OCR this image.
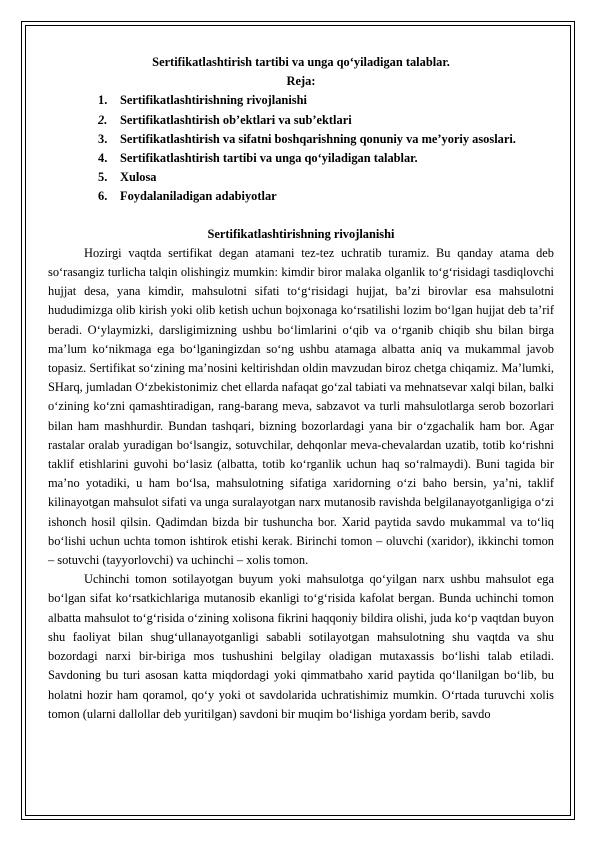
Sertifikatlashtirish tartibi va unga qo‘yiladigan talablar.
Reja:
1.	Sertifikatlashtirishning rivojlanishi
2.	Sertifikatlashtirish ob’ektlari va sub’ektlari
3.	Sertifikatlashtirish va sifatni boshqarishning qonuniy va me’yoriy asoslari.
4.	Sertifikatlashtirish tartibi va unga qo‘yiladigan talablar.
5.	Xulosa
6.	Foydalaniladigan adabiyotlar
Sertifikatlashtirishning rivojlanishi

Hozirgi vaqtda sertifikat degan atamani tez-tez uchratib turamiz. Bu qanday atama deb so‘rasangiz turlicha talqin olishingiz mumkin: kimdir biror malaka olganlik to‘g‘risidagi tasdiqlovchi hujjat desa, yana kimdir, mahsulotni sifati to‘g‘risidagi hujjat, ba’zi birovlar esa mahsulotni hududimizga olib kirish yoki olib ketish uchun bojxonaga ko‘rsatilishi lozim bo‘lgan hujjat deb ta’rif beradi. O‘ylaymizki, darsligimizning ushbu bo‘limlarini o‘qib va o‘rganib chiqib shu bilan birga ma’lum ko‘nikmaga ega bo‘lganingizdan so‘ng ushbu atamaga albatta aniq va mukammal javob topasiz. Sertifikat so‘zining ma’nosini keltirishdan oldin mavzudan biroz chetga chiqamiz. Ma’lumki, SHarq, jumladan O‘zbekistonimiz chet ellarda nafaqat go‘zal tabiati va mehnatsevar xalqi bilan, balki o‘zining ko‘zni qamashtiradigan, rang-barang meva, sabzavot va turli mahsulotlarga serob bozorlari bilan ham mashhurdir. Bundan tashqari, bizning bozorlardagi yana bir o‘zgachalik ham bor. Agar rastalar oralab yuradigan bo‘lsangiz, sotuvchilar, dehqonlar meva-chevalardan uzatib, totib ko‘rishni taklif etishlarini guvohi bo‘lasiz (albatta, totib ko‘rganlik uchun haq so‘ralmaydi). Buni tagida bir ma’no yotadiki, u ham bo‘lsa, mahsulotning sifatiga xaridorning o‘zi baho bersin, ya’ni, taklif kilinayotgan mahsulot sifati va unga suralayotgan narx mutanosib ravishda belgilanayotganligiga o‘zi ishonch hosil qilsin. Qadimdan bizda bir tushuncha bor. Xarid paytida savdo mukammal va to‘liq bo‘lishi uchun uchta tomon ishtirok etishi kerak. Birinchi tomon – oluvchi (xaridor), ikkinchi tomon – sotuvchi (tayyorlovchi) va uchinchi – xolis tomon.

Uchinchi tomon sotilayotgan buyum yoki mahsulotga qo‘yilgan narx ushbu mahsulot ega bo‘lgan sifat ko‘rsatkichlariga mutanosib ekanligi to‘g‘risida kafolat bergan. Bunda uchinchi tomon albatta mahsulot to‘g‘risida o‘zining xolisona fikrini haqqoniy bildira olishi, juda ko‘p vaqtdan buyon shu faoliyat bilan shug‘ullanayotganligi sababli sotilayotgan mahsulotning shu vaqtda va shu bozordagi narxi bir-biriga mos tushushini belgilay oladigan mutaxassis bo‘lishi talab etiladi. Savdoning bu turi asosan katta miqdordagi yoki qimmatbaho xarid paytida qo‘llanilgan bo‘lib, bu holatni hozir ham qoramol, qo‘y yoki ot savdolarida uchratishimiz mumkin. O‘rtada turuvchi xolis tomon (ularni dallollar deb yuritilgan) savdoni bir muqim bo‘lishiga yordam berib, savdo
